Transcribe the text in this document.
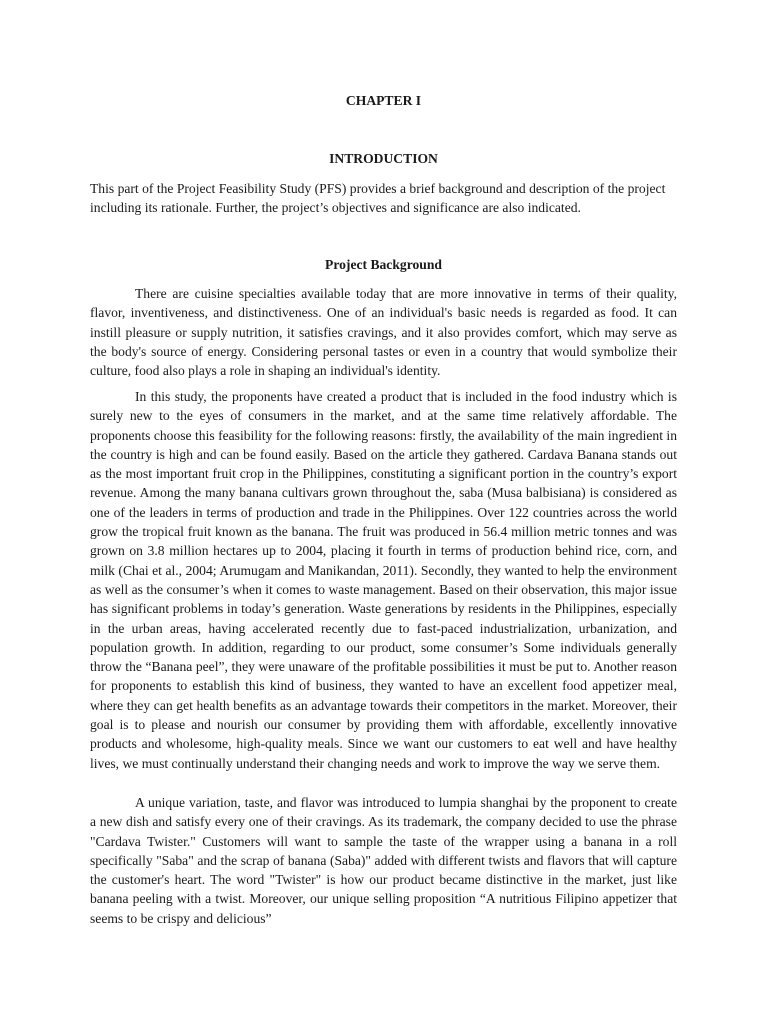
CHAPTER I
INTRODUCTION
This part of the Project Feasibility Study (PFS) provides a brief background and description of the project including its rationale. Further, the project’s objectives and significance are also indicated.
Project Background

There are cuisine specialties available today that are more innovative in terms of their quality, flavor, inventiveness, and distinctiveness. One of an individual's basic needs is regarded as food. It can instill pleasure or supply nutrition, it satisfies cravings, and it also provides comfort, which may serve as the body's source of energy. Considering personal tastes or even in a country that would symbolize their culture, food also plays a role in shaping an individual's identity.

In this study, the proponents have created a product that is included in the food industry which is surely new to the eyes of consumers in the market, and at the same time relatively affordable. The proponents choose this feasibility for the following reasons: firstly, the availability of the main ingredient in the country is high and can be found easily. Based on the article they gathered. Cardava Banana stands out as the most important fruit crop in the Philippines, constituting a significant portion in the country’s export revenue. Among the many banana cultivars grown throughout the, saba (Musa balbisiana) is considered as one of the leaders in terms of production and trade in the Philippines. Over 122 countries across the world grow the tropical fruit known as the banana. The fruit was produced in 56.4 million metric tonnes and was grown on 3.8 million hectares up to 2004, placing it fourth in terms of production behind rice, corn, and milk (Chai et al., 2004; Arumugam and Manikandan, 2011). Secondly, they wanted to help the environment as well as the consumer’s when it comes to waste management. Based on their observation, this major issue has significant problems in today’s generation. Waste generations by residents in the Philippines, especially in the urban areas, having accelerated recently due to fast-paced industrialization, urbanization, and population growth. In addition, regarding to our product, some consumer’s Some individuals generally throw the “Banana peel”, they were unaware of the profitable possibilities it must be put to. Another reason for proponents to establish this kind of business, they wanted to have an excellent food appetizer meal, where they can get health benefits as an advantage towards their competitors in the market. Moreover, their goal is to please and nourish our consumer by providing them with affordable, excellently innovative products and wholesome, high-quality meals. Since we want our customers to eat well and have healthy lives, we must continually understand their changing needs and work to improve the way we serve them.

A unique variation, taste, and flavor was introduced to lumpia shanghai by the proponent to create a new dish and satisfy every one of their cravings. As its trademark, the company decided to use the phrase "Cardava Twister." Customers will want to sample the taste of the wrapper using a banana in a roll specifically "Saba" and the scrap of banana (Saba)" added with different twists and flavors that will capture the customer's heart. The word "Twister" is how our product became distinctive in the market, just like banana peeling with a twist. Moreover, our unique selling proposition “A nutritious Filipino appetizer that seems to be crispy and delicious”
